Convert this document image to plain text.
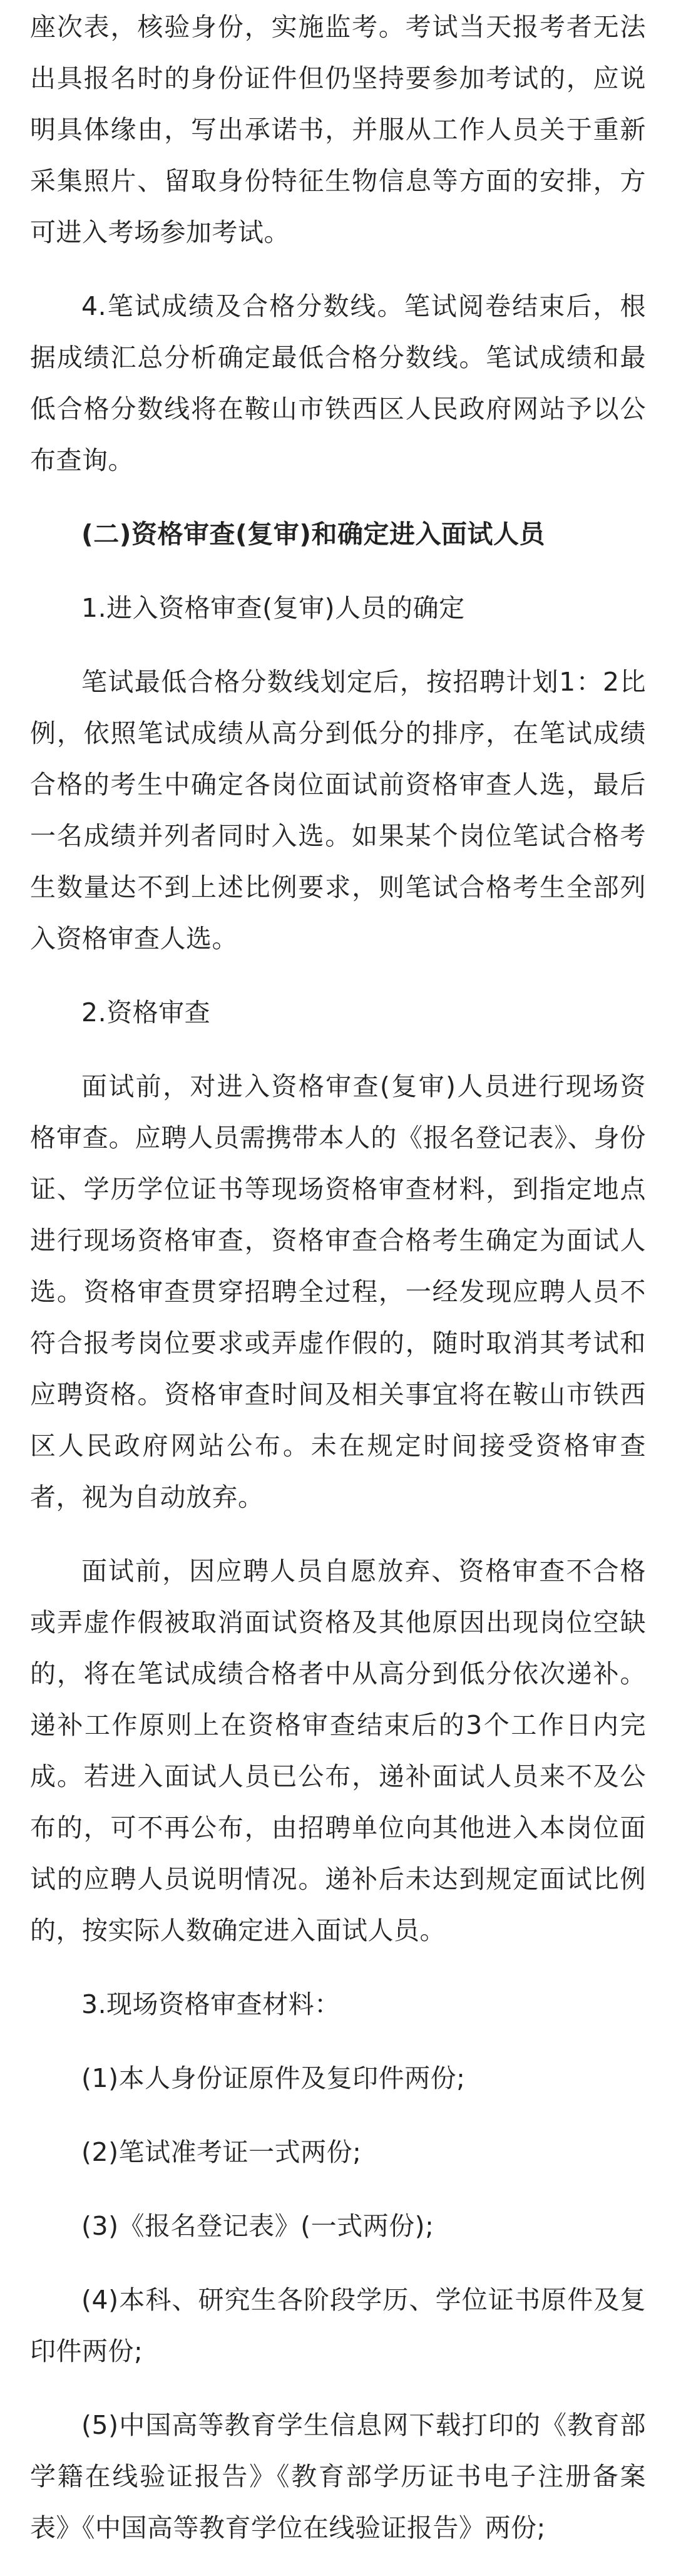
座次表，核验身份，实施监考。考试当天报考者无法出具报名时的身份证件但仍坚持要参加考试的，应说明具体缘由，写出承诺书，并服从工作人员关于重新采集照片、留取身份特征生物信息等方面的安排，方可进入考场参加考试。

4.笔试成绩及合格分数线。笔试阅卷结束后，根据成绩汇总分析确定最低合格分数线。笔试成绩和最低合格分数线将在鞍山市铁西区人民政府网站予以公布查询。

(二)资格审查(复审)和确定进入面试人员

1.进入资格审查(复审)人员的确定

笔试最低合格分数线划定后，按招聘计划1：2比例，依照笔试成绩从高分到低分的排序，在笔试成绩合格的考生中确定各岗位面试前资格审查人选，最后一名成绩并列者同时入选。如果某个岗位笔试合格考生数量达不到上述比例要求，则笔试合格考生全部列入资格审查人选。

2.资格审查

面试前，对进入资格审查(复审)人员进行现场资格审查。应聘人员需携带本人的《报名登记表》、身份证、学历学位证书等现场资格审查材料，到指定地点进行现场资格审查，资格审查合格考生确定为面试人选。资格审查贯穿招聘全过程，一经发现应聘人员不符合报考岗位要求或弄虚作假的，随时取消其考试和应聘资格。资格审查时间及相关事宜将在鞍山市铁西区人民政府网站公布。未在规定时间接受资格审查者，视为自动放弃。

面试前，因应聘人员自愿放弃、资格审查不合格或弄虚作假被取消面试资格及其他原因出现岗位空缺的，将在笔试成绩合格者中从高分到低分依次递补。递补工作原则上在资格审查结束后的3个工作日内完成。若进入面试人员已公布，递补面试人员来不及公布的，可不再公布，由招聘单位向其他进入本岗位面试的应聘人员说明情况。递补后未达到规定面试比例的，按实际人数确定进入面试人员。

3.现场资格审查材料：

(1)本人身份证原件及复印件两份;

(2)笔试准考证一式两份;

(3)《报名登记表》(一式两份);

(4)本科、研究生各阶段学历、学位证书原件及复印件两份;

(5)中国高等教育学生信息网下载打印的《教育部学籍在线验证报告》《教育部学历证书电子注册备案表》《中国高等教育学位在线验证报告》两份;
